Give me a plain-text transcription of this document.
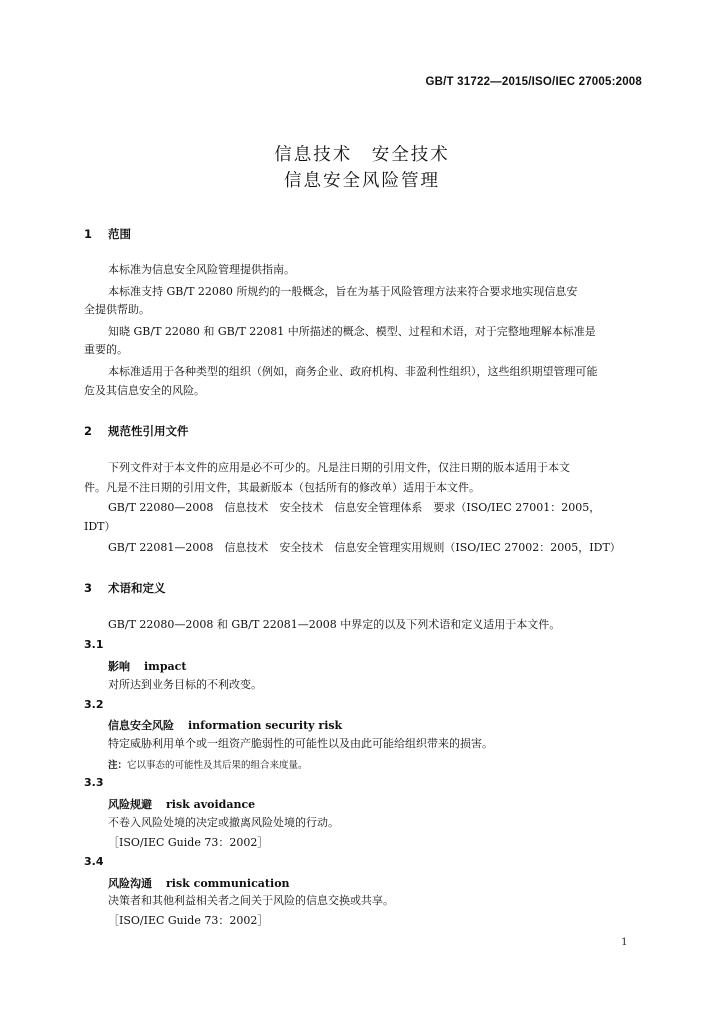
GB/T 31722—2015/ISO/IEC 27005:2008
信息技术　安全技术
信息安全风险管理
1 范围
本标准为信息安全风险管理提供指南。
本标准支持 GB/T 22080 所规约的一般概念，旨在为基于风险管理方法来符合要求地实现信息安
全提供帮助。
知晓 GB/T 22080 和 GB/T 22081 中所描述的概念、模型、过程和术语，对于完整地理解本标准是
重要的。
本标准适用于各种类型的组织（例如，商务企业、政府机构、非盈利性组织），这些组织期望管理可能
危及其信息安全的风险。
2 规范性引用文件
下列文件对于本文件的应用是必不可少的。凡是注日期的引用文件，仅注日期的版本适用于本文
件。凡是不注日期的引用文件，其最新版本（包括所有的修改单）适用于本文件。
GB/T 22080—2008　信息技术　安全技术　信息安全管理体系　要求（ISO/IEC 27001：2005，
IDT）
GB/T 22081—2008　信息技术　安全技术　信息安全管理实用规则（ISO/IEC 27002：2005，IDT）
3 术语和定义
GB/T 22080—2008 和 GB/T 22081—2008 中界定的以及下列术语和定义适用于本文件。
3.1
影响 impact
对所达到业务目标的不利改变。
3.2
信息安全风险 information security risk
特定威胁利用单个或一组资产脆弱性的可能性以及由此可能给组织带来的损害。
注：它以事态的可能性及其后果的组合来度量。
3.3
风险规避 risk avoidance
不卷入风险处境的决定或撤离风险处境的行动。
［ISO/IEC Guide 73：2002］
3.4
风险沟通 risk communication
决策者和其他利益相关者之间关于风险的信息交换或共享。
［ISO/IEC Guide 73：2002］
1
